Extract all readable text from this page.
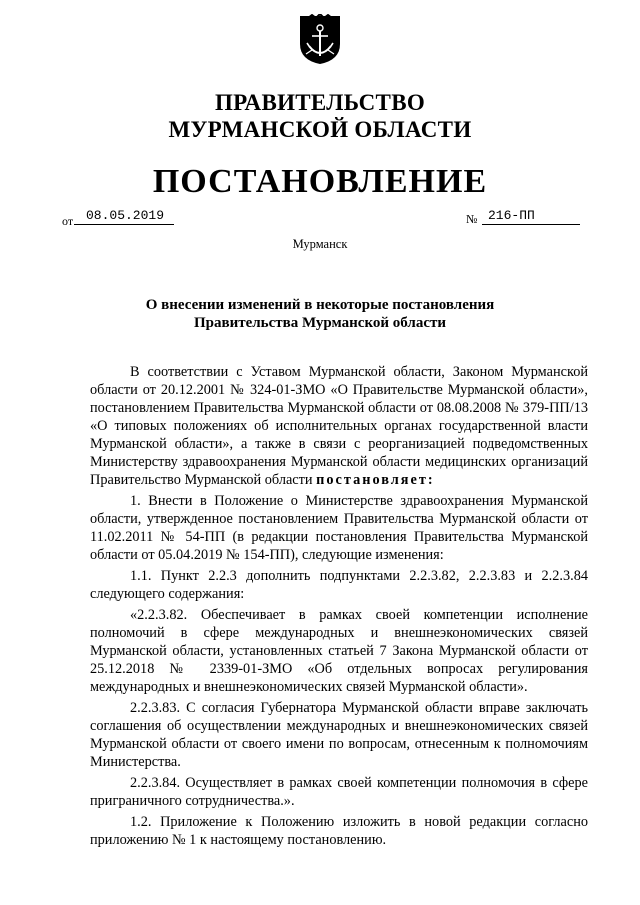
ПРАВИТЕЛЬСТВО
МУРМАНСКОЙ ОБЛАСТИ
ПОСТАНОВЛЕНИЕ
от 08.05.2019	№ 216-ПП
Мурманск
О внесении изменений в некоторые постановления
Правительства Мурманской области

В соответствии с Уставом Мурманской области, Законом Мурманской области от 20.12.2001 № 324-01-ЗМО «О Правительстве Мурманской области», постановлением Правительства Мурманской области от 08.08.2008 № 379-ПП/13 «О типовых положениях об исполнительных органах государственной власти Мурманской области», а также в связи с реорганизацией подведомственных Министерству здравоохранения Мурманской области медицинских организаций Правительство Мурманской области постановляет:

1. Внести в Положение о Министерстве здравоохранения Мурманской области, утвержденное постановлением Правительства Мурманской области от 11.02.2011 № 54-ПП (в редакции постановления Правительства Мурманской области от 05.04.2019 № 154-ПП), следующие изменения:

1.1. Пункт 2.2.3 дополнить подпунктами 2.2.3.82, 2.2.3.83 и 2.2.3.84 следующего содержания:

«2.2.3.82. Обеспечивает в рамках своей компетенции исполнение полномочий в сфере международных и внешнеэкономических связей Мурманской области, установленных статьей 7 Закона Мурманской области от 25.12.2018 № 2339-01-ЗМО «Об отдельных вопросах регулирования международных и внешнеэкономических связей Мурманской области».

2.2.3.83. С согласия Губернатора Мурманской области вправе заключать соглашения об осуществлении международных и внешнеэкономических связей Мурманской области от своего имени по вопросам, отнесенным к полномочиям Министерства.

2.2.3.84. Осуществляет в рамках своей компетенции полномочия в сфере приграничного сотрудничества.».

1.2. Приложение к Положению изложить в новой редакции согласно приложению № 1 к настоящему постановлению.
